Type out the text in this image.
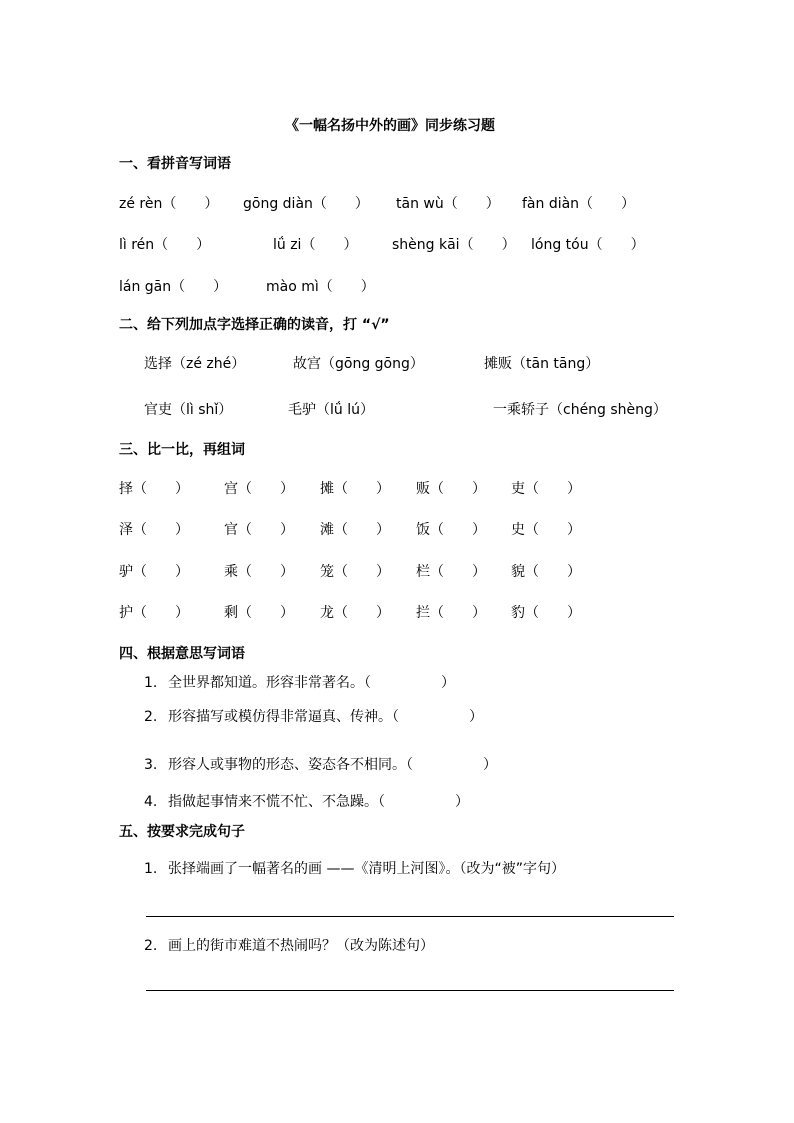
《一幅名扬中外的画》同步练习题
一、看拼音写词语
zé rèn（　　） gōng diàn（　　） tān wù（　　） fàn diàn（　　）
lì rén（　　）	lǘ zi（　　） shèng kāi（　　） lóng tóu（　　）
lán gān（　　）	mào mì（　　）
二、给下列加点字选择正确的读音，打 “√”
选择（zé zhé）	故宫（gōng gōng）	摊贩（tān tāng）
官吏（lì shǐ）	毛驴（lǘ lú）	一乘轿子（chéng shèng）
三、比一比，再组词
择（　　）	宫（　　） 摊（　　） 贩（　　） 吏（　　）
泽（　　）	官（　　） 滩（　　） 饭（　　） 史（　　）
驴（　　）	乘（　　） 笼（　　） 栏（　　） 貌（　　）
护（　　）	剩（　　） 龙（　　） 拦（　　） 豹（　　）
四、根据意思写词语
1. 全世界都知道。形容非常著名。（　　　　　）
2. 形容描写或模仿得非常逼真、传神。（　　　　　）
3. 形容人或事物的形态、姿态各不相同。（　　　　　）
4. 指做起事情来不慌不忙、不急躁。（　　　　　）
五、按要求完成句子
1. 张择端画了一幅著名的画 ——《清明上河图》。（改为“被”字句）
2. 画上的街市难道不热闹吗？（改为陈述句）
